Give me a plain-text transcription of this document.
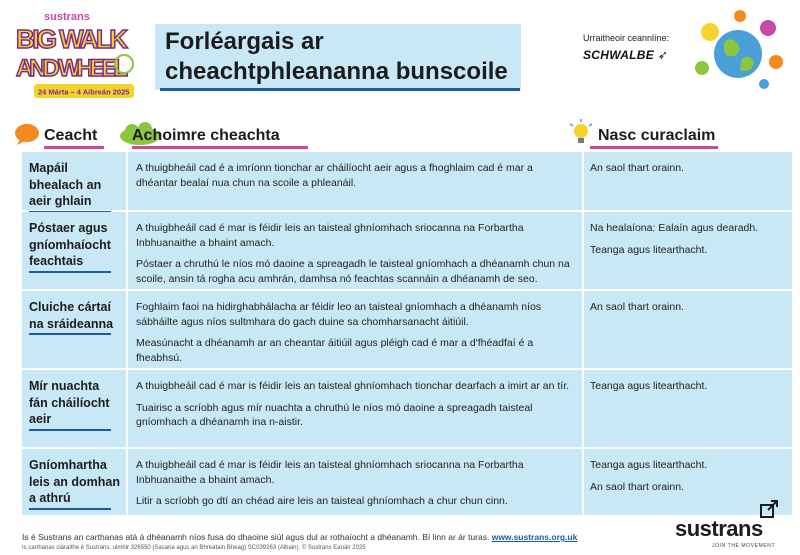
sustrans
BIG WALK
AND WHEEL
24 Márta – 4 Aibreán 2025
Forléargais ar
cheachtphleananna bunscoile
Urraitheoir ceannlíne:
SCHWALBE ➶
Ceacht Achoimre cheachta	Nasc curaclaim
Mapáil bhealach an aeir ghlain
A thuigbheáil cad é a imríonn tionchar ar cháilíocht aeir agus a fhoghlaim cad é mar a dhéantar bealaí nua chun na scoile a phleanáil.
An saol thart orainn.
Póstaer agus gníomhaíocht feachtais
A thuigbheáil cad é mar is féidir leis an taisteal ghníomhach sriocanna na Forbartha Inbhuanaithe a bhaint amach.
Póstaer a chruthú le níos mó daoine a spreagadh le taisteal gníomhach a dhéanamh chun na scoile, ansin tá rogha acu amhrán, damhsa nó feachtas scannáin a dhéanamh de seo.
Na healaíona: Ealaín agus dearadh.
Teanga agus litearthacht.
Cluiche cártaí na sráideanna
Foghlaim faoi na hidirghabhálacha ar féidir leo an taisteal gníomhach a dhéanamh níos sábháilte agus níos sultmhara do gach duine sa chomharsanacht áitiúil.
Measúnacht a dhéanamh ar an cheantar áitiúil agus pléigh cad é mar a d'fhéadfaí é a fheabhsú.
An saol thart orainn.
Mír nuachta fán cháilíocht aeir
A thuigbheáil cad é mar is féidir leis an taisteal ghníomhach tionchar dearfach a imirt ar an tír.
Tuairisc a scríobh agus mír nuachta a chruthú le níos mó daoine a spreagadh taisteal gníomhach a dhéanamh ina n-aistir.
Teanga agus litearthacht.
Gníomhartha leis an domhan a athrú
A thuigbheáil cad é mar is féidir leis an taisteal ghníomhach sriocanna na Forbartha Inbhuanaithe a bhaint amach.
Litir a scríobh go dtí an chéad aire leis an taisteal ghníomhach a chur chun cinn.
Teanga agus litearthacht.
An saol thart orainn.
Is é Sustrans an carthanas atá á dhéanamh níos fusa do dhaoine siúl agus dul ar rothaíocht a dhéanamh. Bí linn ar ár turas. www.sustrans.org.uk
Is carthanas cláraithe é Sustrans, uimhir 326550 (Sasana agus an Bhreatain Bheag) SC039263 (Albain). © Sustrans Eanáir 2025
sustrans
JOIN THE MOVEMENT
